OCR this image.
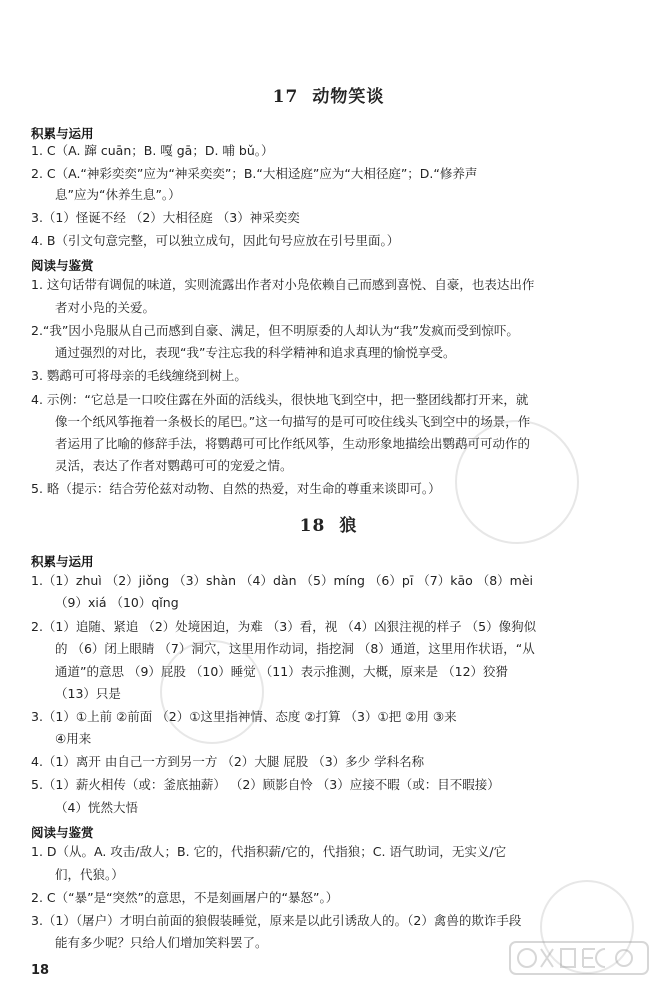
17 动物笑谈
积累与运用
1. C（A. 蹿 cuān；B. 嘎 gā；D. 哺 bǔ。）
2. C（A.“神彩奕奕”应为“神采奕奕”；B.“大相迳庭”应为“大相径庭”；D.“修养声
息”应为“休养生息”。）
3.（1）怪诞不经 （2）大相径庭 （3）神采奕奕
4. B（引文句意完整，可以独立成句，因此句号应放在引号里面。）
阅读与鉴赏
1. 这句话带有调侃的味道，实则流露出作者对小凫依赖自己而感到喜悦、自豪，也表达出作
者对小凫的关爱。
2.“我”因小凫服从自己而感到自豪、满足，但不明原委的人却认为“我”发疯而受到惊吓。
通过强烈的对比，表现“我”专注忘我的科学精神和追求真理的愉悦享受。
3. 鹦鹉可可将母亲的毛线缠绕到树上。
4. 示例：“它总是一口咬住露在外面的活线头，很快地飞到空中，把一整团线都打开来，就
像一个纸风筝拖着一条极长的尾巴。”这一句描写的是可可咬住线头飞到空中的场景，作
者运用了比喻的修辞手法，将鹦鹉可可比作纸风筝，生动形象地描绘出鹦鹉可可动作的
灵活，表达了作者对鹦鹉可可的宠爱之情。
5. 略（提示：结合劳伦兹对动物、自然的热爱，对生命的尊重来谈即可。）
18 狼
积累与运用
1.（1）zhuì （2）jiǒng （3）shàn （4）dàn （5）míng （6）pī （7）kāo （8）mèi
（9）xiá （10）qǐng
2.（1）追随、紧追 （2）处境困迫，为难 （3）看，视 （4）凶狠注视的样子 （5）像狗似
的 （6）闭上眼睛 （7）洞穴，这里用作动词，指挖洞 （8）通道，这里用作状语，“从
通道”的意思 （9）屁股 （10）睡觉 （11）表示推测，大概，原来是 （12）狡猾
（13）只是
3.（1）①上前 ②前面 （2）①这里指神情、态度 ②打算 （3）①把 ②用 ③来
④用来
4.（1）离开 由自己一方到另一方 （2）大腿 屁股 （3）多少 学科名称
5.（1）薪火相传（或：釜底抽薪） （2）顾影自怜 （3）应接不暇（或：目不暇接）
（4）恍然大悟
阅读与鉴赏
1. D（从。A. 攻击/敌人；B. 它的，代指积薪/它的，代指狼；C. 语气助词，无实义/它
们，代狼。）
2. C（“暴”是“突然”的意思，不是刻画屠户的“暴怒”。）
3.（1）（屠户）才明白前面的狼假装睡觉，原来是以此引诱敌人的。（2）禽兽的欺诈手段
能有多少呢？只给人们增加笑料罢了。
18
